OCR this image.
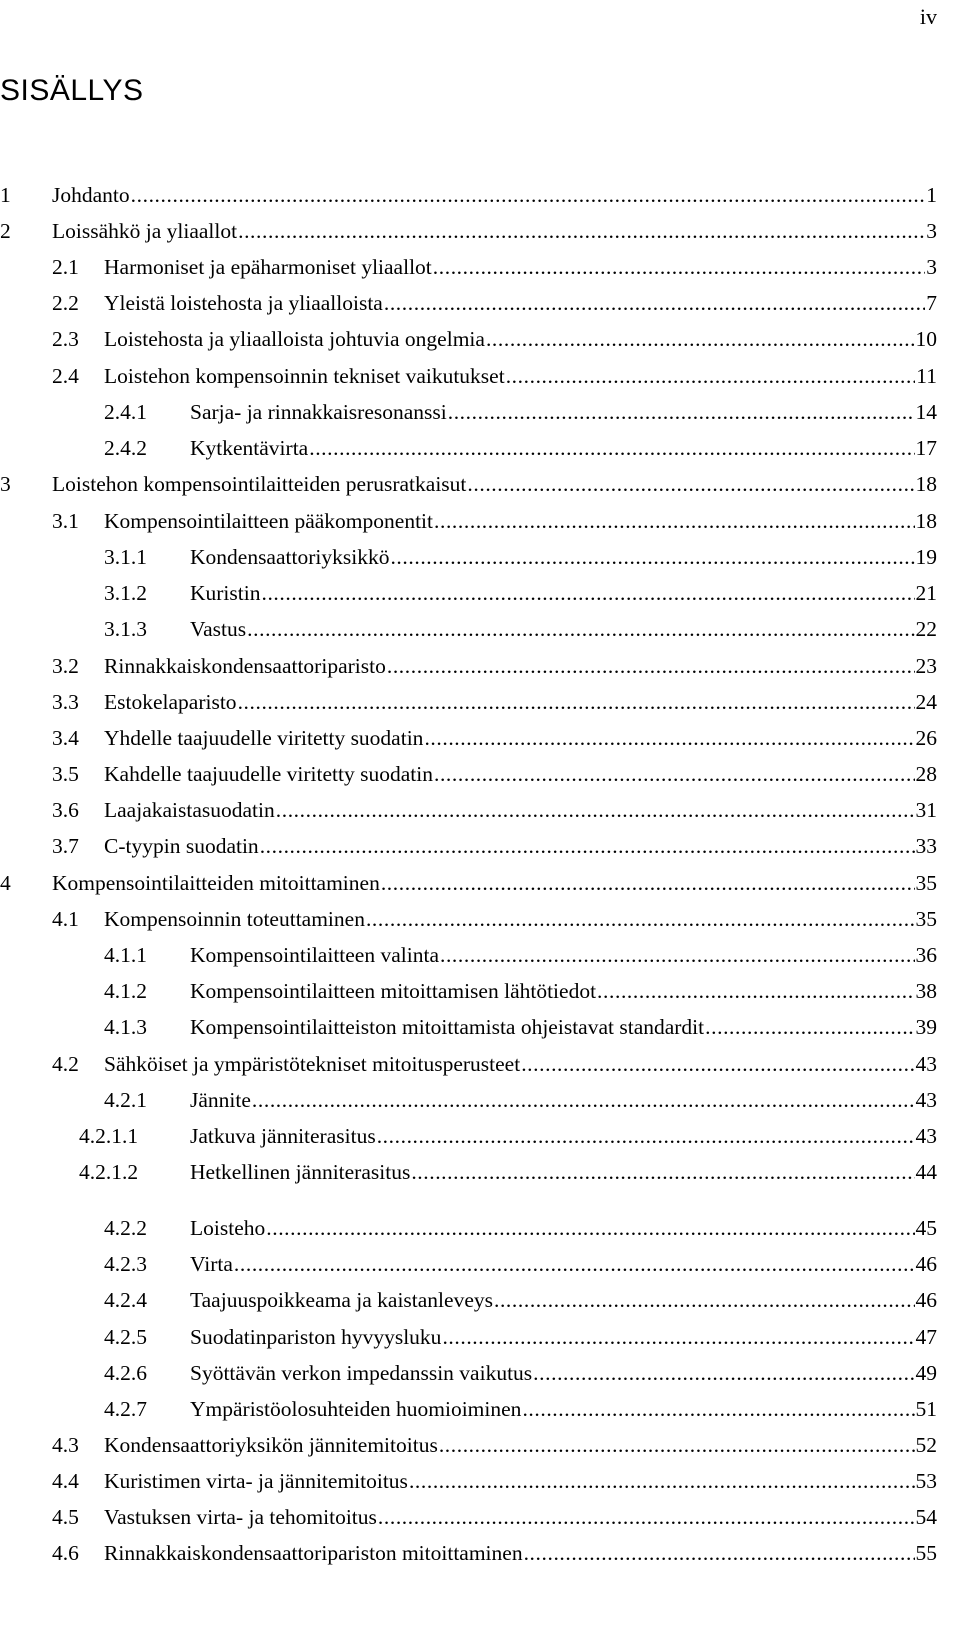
iv
SISÄLLYS
1	Johdanto .....	1
2	Loissähkö ja yliaallot .....	3
2.1	Harmoniset ja epäharmoniset yliaallot .....	3
2.2	Yleistä loistehosta ja yliaalloista .....	7
2.3	Loistehosta ja yliaalloista johtuvia ongelmia .....	10
2.4	Loistehon kompensoinnin tekniset vaikutukset .....	11
2.4.1	Sarja- ja rinnakkaisresonanssi .....	14
2.4.2	Kytkentävirta .....	17
3	Loistehon kompensointilaitteiden perusratkaisut .....	18
3.1	Kompensointilaitteen pääkomponentit .....	18
3.1.1	Kondensaattoriyksikkö .....	19
3.1.2	Kuristin .....	21
3.1.3	Vastus .....	22
3.2	Rinnakkaiskondensaattoriparisto .....	23
3.3	Estokelaparisto .....	24
3.4	Yhdelle taajuudelle viritetty suodatin .....	26
3.5	Kahdelle taajuudelle viritetty suodatin .....	28
3.6	Laajakaistasuodatin .....	31
3.7	C-tyypin suodatin .....	33
4	Kompensointilaitteiden mitoittaminen .....	35
4.1	Kompensoinnin toteuttaminen .....	35
4.1.1	Kompensointilaitteen valinta .....	36
4.1.2	Kompensointilaitteen mitoittamisen lähtötiedot .....	38
4.1.3	Kompensointilaitteiston mitoittamista ohjeistavat standardit .....	39
4.2	Sähköiset ja ympäristötekniset mitoitusperusteet .....	43
4.2.1	Jännite .....	43
4.2.1.1	Jatkuva jänniterasitus .....	43
4.2.1.2	Hetkellinen jänniterasitus .....	44
4.2.2	Loisteho .....	45
4.2.3	Virta .....	46
4.2.4	Taajuuspoikkeama ja kaistanleveys .....	46
4.2.5	Suodatinpariston hyvyysluku .....	47
4.2.6	Syöttävän verkon impedanssin vaikutus .....	49
4.2.7	Ympäristöolosuhteiden huomioiminen .....	51
4.3	Kondensaattoriyksikön jännitemitoitus .....	52
4.4	Kuristimen virta- ja jännitemitoitus .....	53
4.5	Vastuksen virta- ja tehomitoitus .....	54
4.6	Rinnakkaiskondensaattoripariston mitoittaminen .....	55
